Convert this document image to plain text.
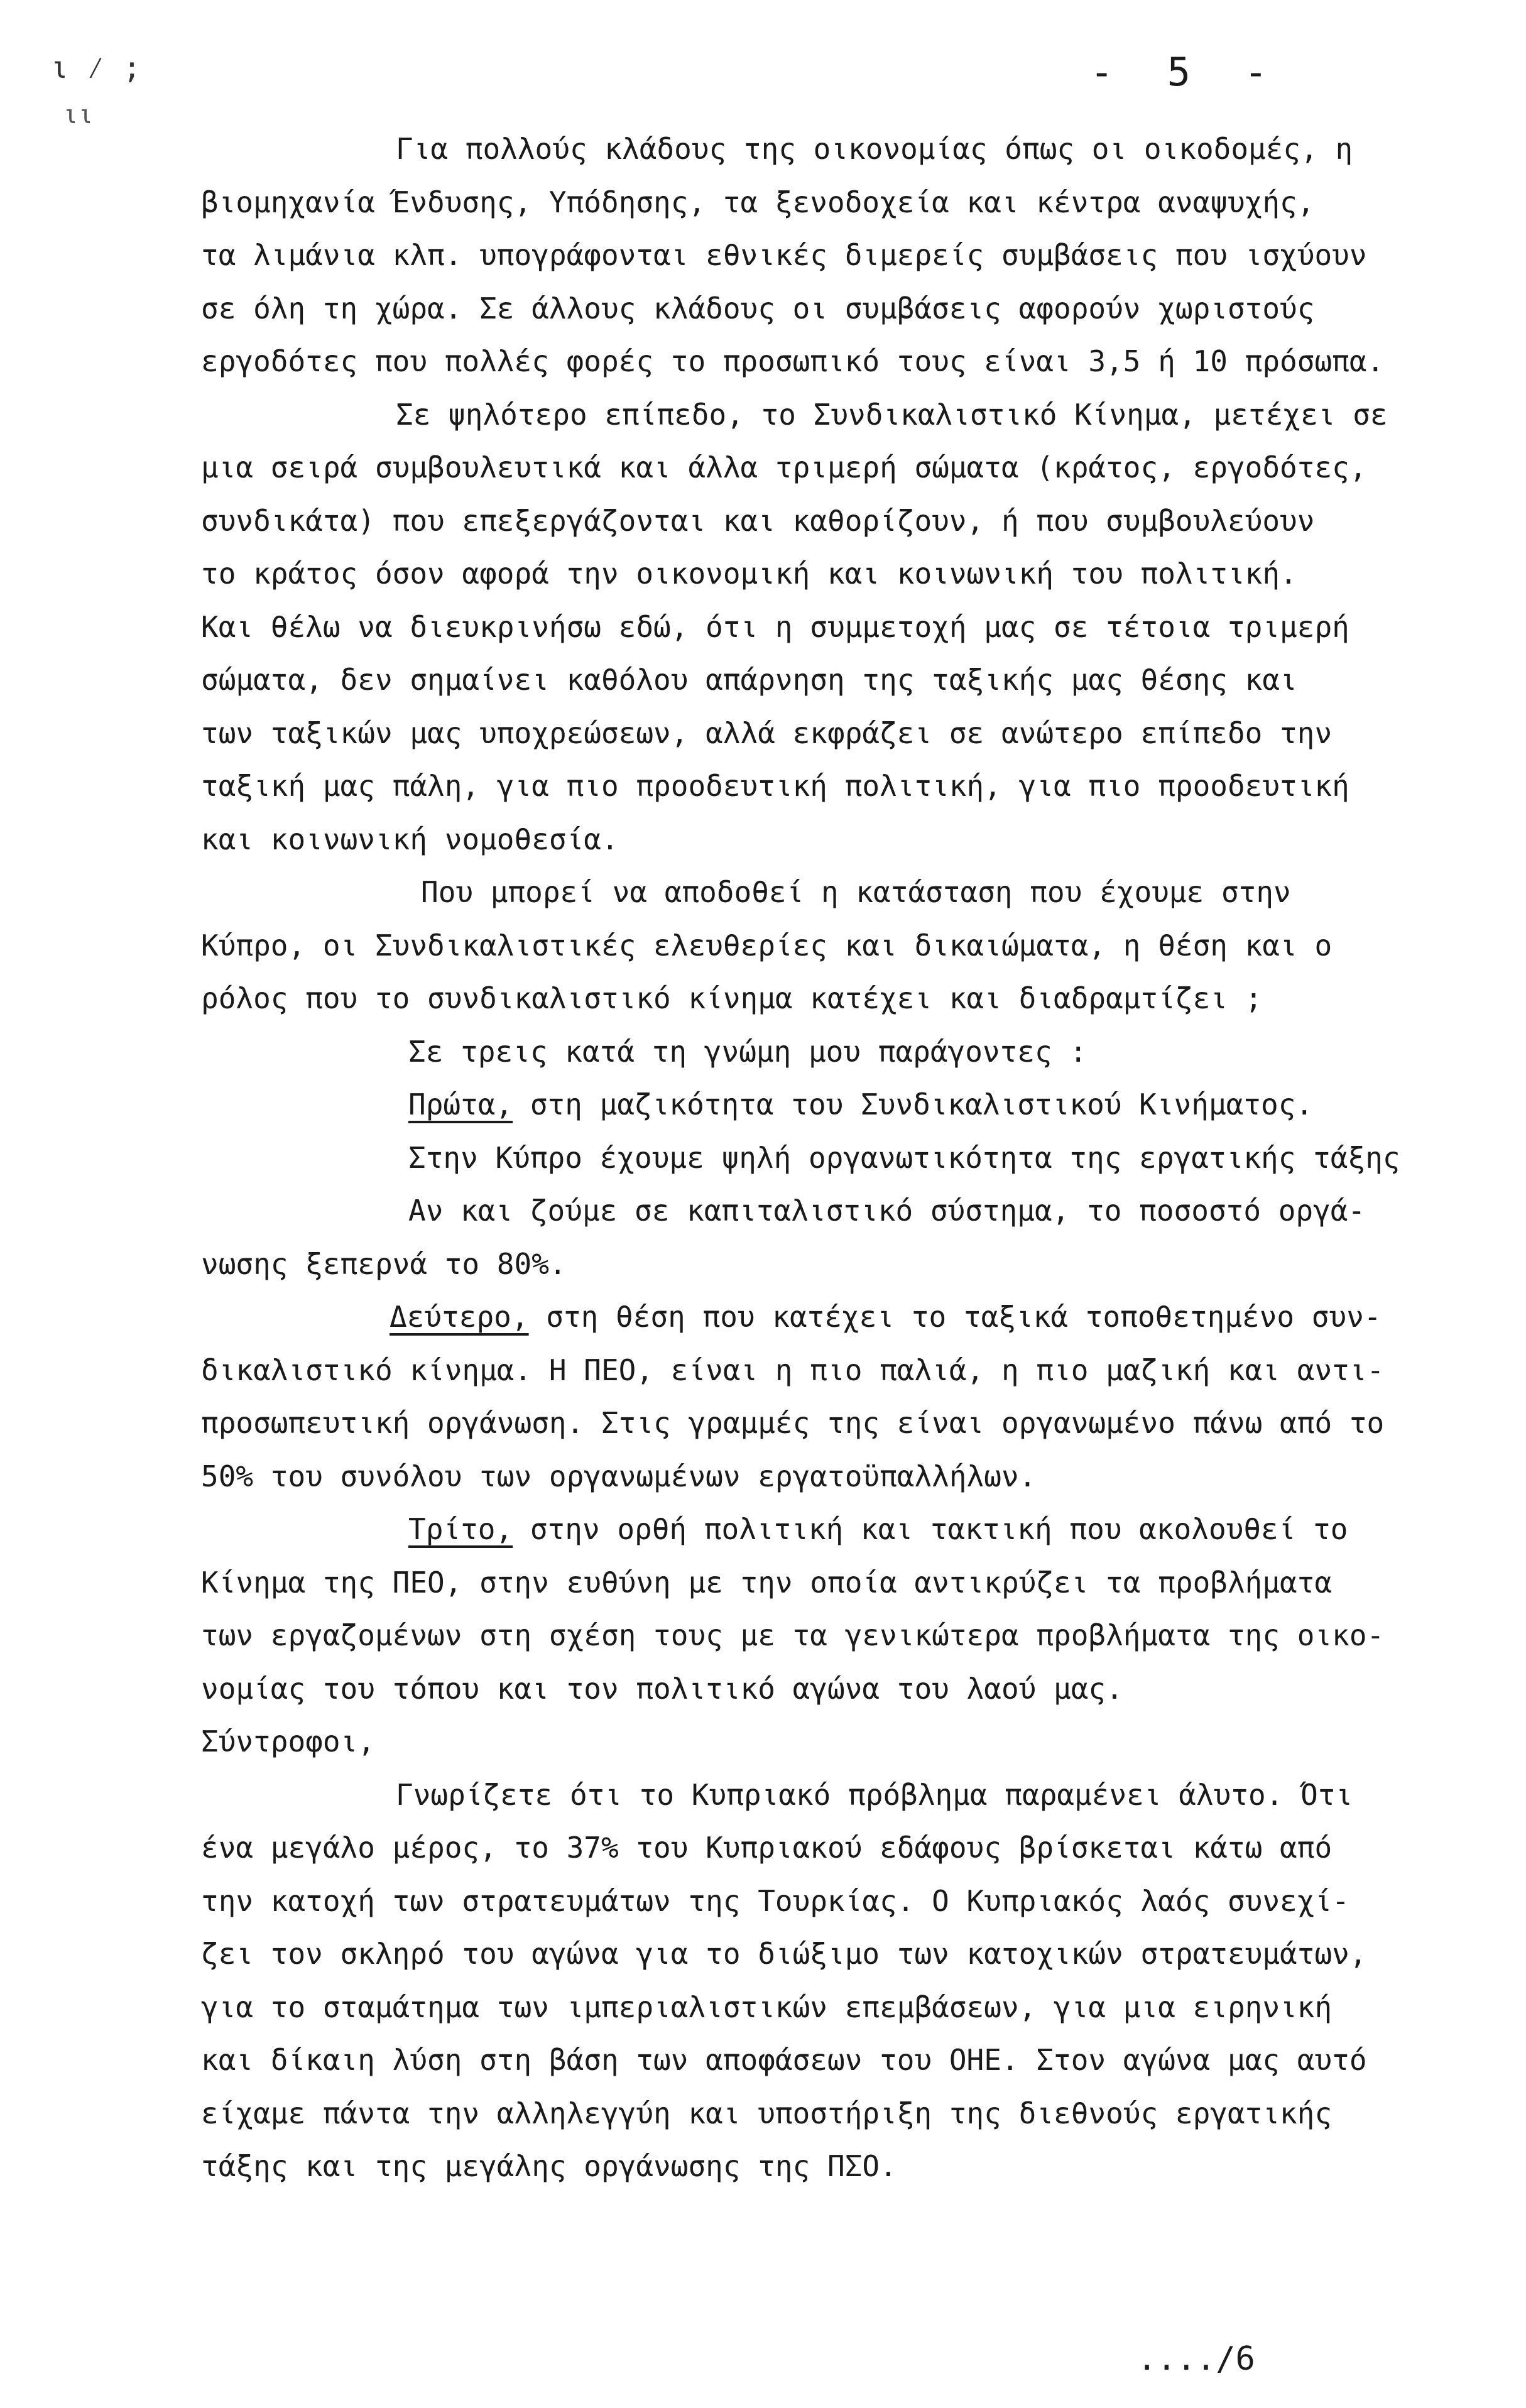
ι ⁄ ;
ιι
- 5 -
Για πολλούς κλάδους της οικονομίας όπως οι οικοδομές, η
βιομηχανία Ένδυσης, Υπόδησης, τα ξενοδοχεία και κέντρα αναψυχής,
τα λιμάνια κλπ. υπογράφονται εθνικές διμερείς συμβάσεις που ισχύουν
σε όλη τη χώρα. Σε άλλους κλάδους οι συμβάσεις αφορούν χωριστούς
εργοδότες που πολλές φορές το προσωπικό τους είναι 3,5 ή 10 πρόσωπα.
Σε ψηλότερο επίπεδο, το Συνδικαλιστικό Κίνημα, μετέχει σε
μια σειρά συμβουλευτικά και άλλα τριμερή σώματα (κράτος, εργοδότες,
συνδικάτα) που επεξεργάζονται και καθορίζουν, ή που συμβουλεύουν
το κράτος όσον αφορά την οικονομική και κοινωνική του πολιτική.
Και θέλω να διευκρινήσω εδώ, ότι η συμμετοχή μας σε τέτοια τριμερή
σώματα, δεν σημαίνει καθόλου απάρνηση της ταξικής μας θέσης και
των ταξικών μας υποχρεώσεων, αλλά εκφράζει σε ανώτερο επίπεδο την
ταξική μας πάλη, για πιο προοδευτική πολιτική, για πιο προοδευτική
και κοινωνική νομοθεσία.
Που μπορεί να αποδοθεί η κατάσταση που έχουμε στην
Κύπρο, οι Συνδικαλιστικές ελευθερίες και δικαιώματα, η θέση και ο
ρόλος που το συνδικαλιστικό κίνημα κατέχει και διαδραμτίζει ;
Σε τρεις κατά τη γνώμη μου παράγοντες :
Πρώτα, στη μαζικότητα του Συνδικαλιστικού Κινήματος.
Στην Κύπρο έχουμε ψηλή οργανωτικότητα της εργατικής τάξης
Αν και ζούμε σε καπιταλιστικό σύστημα, το ποσοστό οργά-
νωσης ξεπερνά το 80%.
Δεύτερο, στη θέση που κατέχει το ταξικά τοποθετημένο συν-
δικαλιστικό κίνημα. Η ΠΕΟ, είναι η πιο παλιά, η πιο μαζική και αντι-
προσωπευτική οργάνωση. Στις γραμμές της είναι οργανωμένο πάνω από το
50% του συνόλου των οργανωμένων εργατοϋπαλλήλων.
Τρίτο, στην ορθή πολιτική και τακτική που ακολουθεί το
Κίνημα της ΠΕΟ, στην ευθύνη με την οποία αντικρύζει τα προβλήματα
των εργαζομένων στη σχέση τους με τα γενικώτερα προβλήματα της οικο-
νομίας του τόπου και τον πολιτικό αγώνα του λαού μας.
Σύντροφοι,
Γνωρίζετε ότι το Κυπριακό πρόβλημα παραμένει άλυτο. Ότι
ένα μεγάλο μέρος, το 37% του Κυπριακού εδάφους βρίσκεται κάτω από
την κατοχή των στρατευμάτων της Τουρκίας. Ο Κυπριακός λαός συνεχί-
ζει τον σκληρό του αγώνα για το διώξιμο των κατοχικών στρατευμάτων,
για το σταμάτημα των ιμπεριαλιστικών επεμβάσεων, για μια ειρηνική
και δίκαιη λύση στη βάση των αποφάσεων του ΟΗΕ. Στον αγώνα μας αυτό
είχαμε πάντα την αλληλεγγύη και υποστήριξη της διεθνούς εργατικής
τάξης και της μεγάλης οργάνωσης της ΠΣΟ.
..../6
